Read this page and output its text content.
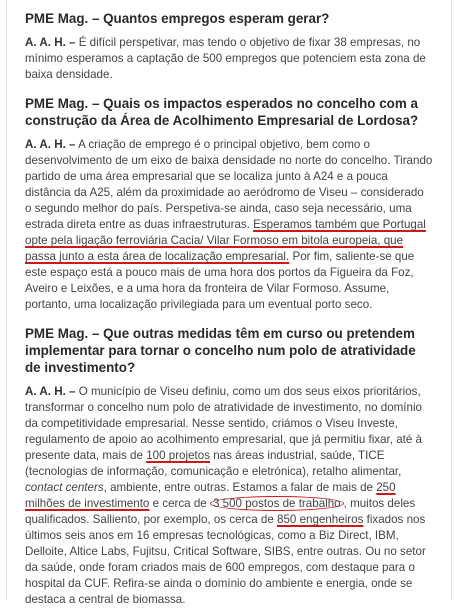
PME Mag. – Quantos empregos esperam gerar?

A. A. H. – É difícil perspetivar, mas tendo o objetivo de fixar 38 empresas, no mínimo esperamos a captação de 500 empregos que potenciem esta zona de baixa densidade.

PME Mag. – Quais os impactos esperados no concelho com a construção da Área de Acolhimento Empresarial de Lordosa?

A. A. H. – A criação de emprego é o principal objetivo, bem como o desenvolvimento de um eixo de baixa densidade no norte do concelho. Tirando partido de uma área empresarial que se localiza junto à A24 e a pouca distância da A25, além da proximidade ao aeródromo de Viseu – considerado o segundo melhor do país. Perspetiva-se ainda, caso seja necessário, uma estrada direta entre as duas infraestruturas. Esperamos também que Portugal opte pela ligação ferroviária Cacia/ Vilar Formoso em bitola europeia, que passa junto a esta área de localização empresarial. Por fim, saliente-se que este espaço está a pouco mais de uma hora dos portos da Figueira da Foz, Aveiro e Leixões, e a uma hora da fronteira de Vilar Formoso. Assume, portanto, uma localização privilegiada para um eventual porto seco.

PME Mag. – Que outras medidas têm em curso ou pretendem implementar para tornar o concelho num polo de atratividade de investimento?

A. A. H. – O município de Viseu definiu, como um dos seus eixos prioritários, transformar o concelho num polo de atratividade de investimento, no domínio da competitividade empresarial. Nesse sentido, criámos o Viseu Investe, regulamento de apoio ao acolhimento empresarial, que já permitiu fixar, até à presente data, mais de 100 projetos nas áreas industrial, saúde, TICE (tecnologias de informação, comunicação e eletrónica), retalho alimentar, contact centers, ambiente, entre outras. Estamos a falar de mais de 250 milhões de investimento e cerca de 3 500 postos de trabalho , muitos deles qualificados. Salliento, por exemplo, os cerca de 850 engenheiros fixados nos últimos seis anos em 16 empresas tecnológicas, como a Biz Direct, IBM, Delloite, Altice Labs, Fujitsu, Critical Software, SIBS, entre outras. Ou no setor da saúde, onde foram criados mais de 600 empregos, com destaque para o hospital da CUF. Refira-se ainda o domínio do ambiente e energia, onde se destaca a central de biomassa.
